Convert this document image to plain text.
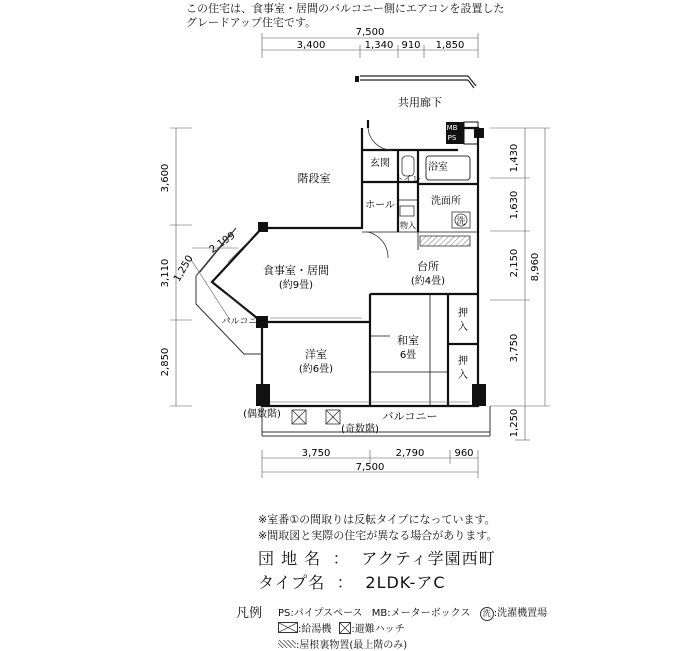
この住宅は、食事室・居間のバルコニー側にエアコンを設置した
グレードアップ住宅です。
7,500
3,400	1,340 910 1,850
共用廊下
3,600
3,110 1,250
2,850
2,199
1,430
1,630
2,150
3,750
1,250
8,960
MB
PS
洗
バルコニー
(偶数階)
(奇数階)
バルコニー
3,750	2,790	960
7,500
階段室
玄関
トイレ
浴室
ホール	洗面所
物入
食事室・居間
(約9畳)
台所
(約4畳)
和室
6畳
押
入
押
入
洋室
(約6畳)
※室番①の間取りは反転タイプになっています。
※間取図と実際の住宅が異なる場合があります。
団 地 名 ： アクティ学園西町
タイプ名 ： 2LDK-アC
凡例 PS:パイプスペース MB:メーターボックス 洗 :洗濯機置場
:給湯機 :避難ハッチ
:屋根裏物置(最上階のみ)
